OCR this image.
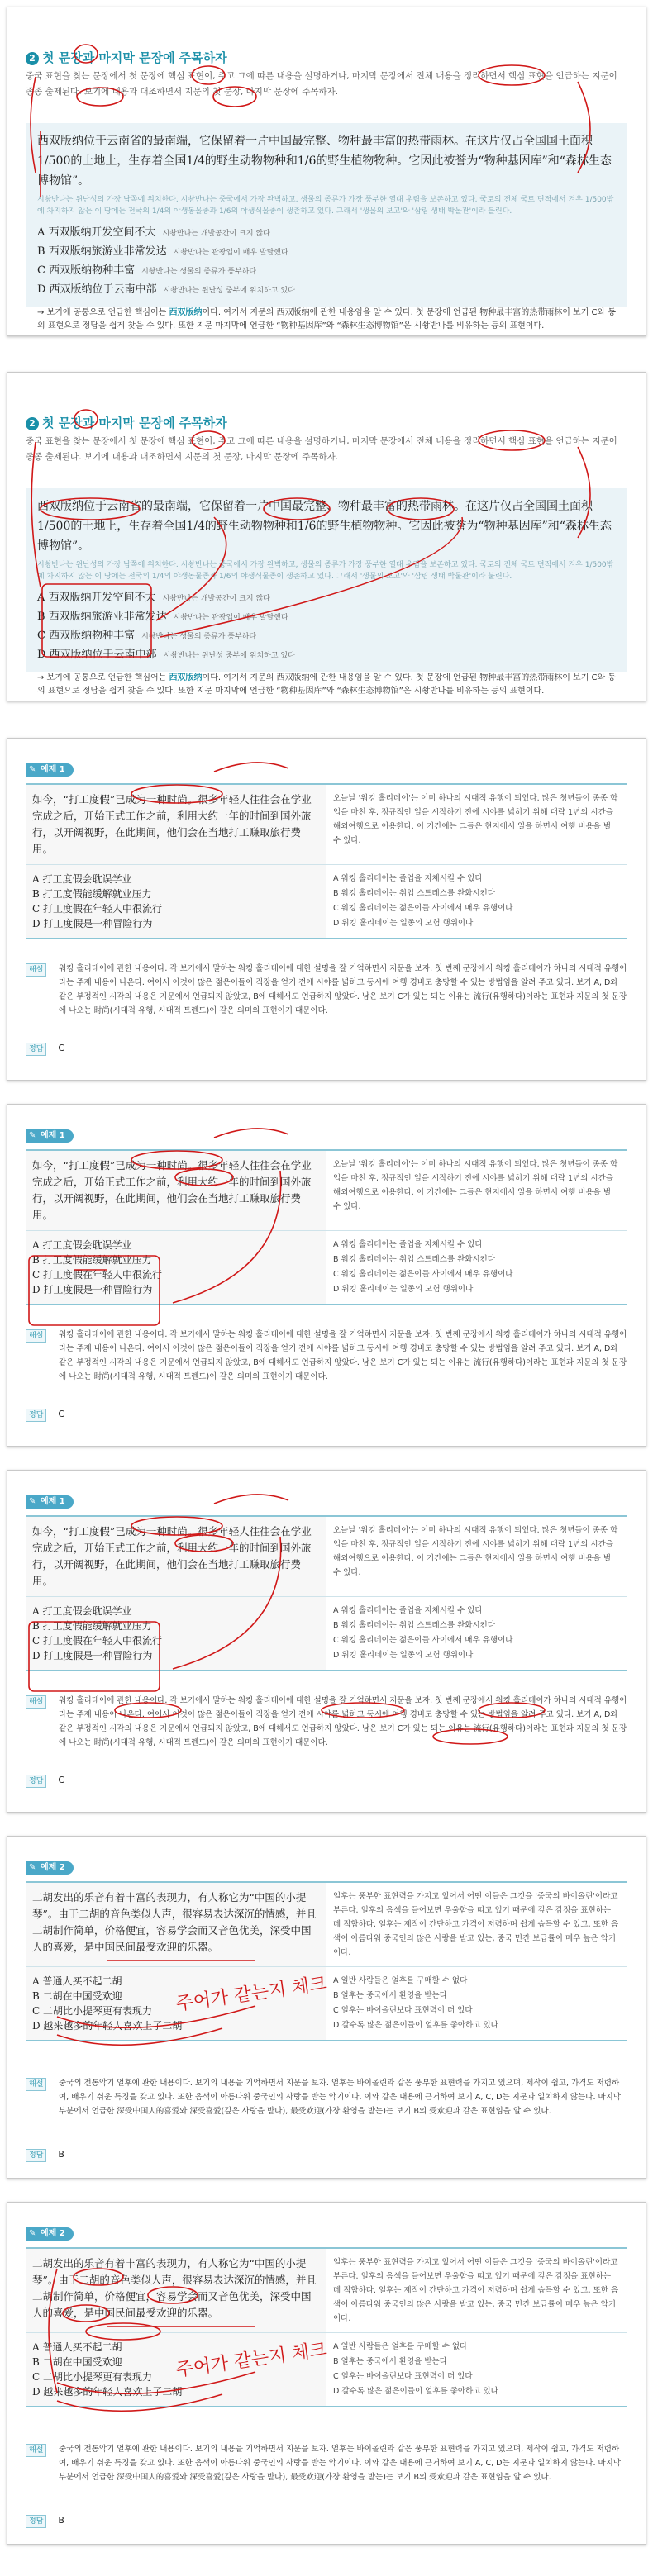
2 첫 문장과 마지막 문장에 주목하자
중국 표현을 찾는 문장에서 첫 문장에 핵심 표현이, 주고 그에 따른 내용을 설명하거나, 마지막 문장에서 전체 내용을 정리하면서 핵심 표현을 언급하는 지문이 종종 출제된다. 보기에 내용과 대조하면서 지문의 첫 문장, 마지막 문장에 주목하자.
西双版纳位于云南省的最南端，它保留着一片中国最完整、物种最丰富的热带雨林。在这片仅占全国国土面积1/500的土地上，生存着全国1/4的野生动物物种和1/6的野生植物物种。它因此被誉为“物种基因库”和“森林生态博物馆”。
시솽반나는 윈난성의 가장 남쪽에 위치한다. 시솽반나는 중국에서 가장 완벽하고, 생물의 종류가 가장 풍부한 열대 우림을 보존하고 있다. 국토의 전체 국토 면적에서 겨우 1/500밖에 차지하지 않는 이 땅에는 전국의 1/4의 야생동물종과 1/6의 야생식물종이 생존하고 있다. 그래서 '생물의 보고'와 '삼림 생태 박물관'이라 불린다.
A 西双版纳开发空间不大 시솽반나는 개발공간이 크지 않다
B 西双版纳旅游业非常发达 시솽반나는 관광업이 매우 발달했다
C 西双版纳物种丰富 시솽반나는 생물의 종류가 풍부하다
D 西双版纳位于云南中部 시솽반나는 윈난성 중부에 위치하고 있다
→ 보기에 공통으로 언급한 핵심어는 西双版纳이다. 여기서 지문의 西双版纳에 관한 내용임을 알 수 있다. 첫 문장에 언급된 物种最丰富的热带雨林이 보기 C와 동의 표현으로 정답을 쉽게 찾을 수 있다. 또한 지문 마지막에 언급한 “物种基因库”와 “森林生态博物馆”은 시솽반나를 비유하는 등의 표현이다.
2 첫 문장과 마지막 문장에 주목하자
중국 표현을 찾는 문장에서 첫 문장에 핵심 표현이, 주고 그에 따른 내용을 설명하거나, 마지막 문장에서 전체 내용을 정리하면서 핵심 표현을 언급하는 지문이 종종 출제된다. 보기에 내용과 대조하면서 지문의 첫 문장, 마지막 문장에 주목하자.
西双版纳位于云南省的最南端，它保留着一片中国最完整、物种最丰富的热带雨林。在这片仅占全国国土面积1/500的土地上，生存着全国1/4的野生动物物种和1/6的野生植物物种。它因此被誉为“物种基因库”和“森林生态博物馆”。
시솽반나는 윈난성의 가장 남쪽에 위치한다. 시솽반나는 중국에서 가장 완벽하고, 생물의 종류가 가장 풍부한 열대 우림을 보존하고 있다. 국토의 전체 국토 면적에서 겨우 1/500밖에 차지하지 않는 이 땅에는 전국의 1/4의 야생동물종과 1/6의 야생식물종이 생존하고 있다. 그래서 '생물의 보고'와 '삼림 생태 박물관'이라 불린다.
A 西双版纳开发空间不大 시솽반나는 개발공간이 크지 않다
B 西双版纳旅游业非常发达 시솽반나는 관광업이 매우 발달했다
C 西双版纳物种丰富 시솽반나는 생물의 종류가 풍부하다
D 西双版纳位于云南中部 시솽반나는 윈난성 중부에 위치하고 있다
→ 보기에 공통으로 언급한 핵심어는 西双版纳이다. 여기서 지문의 西双版纳에 관한 내용임을 알 수 있다. 첫 문장에 언급된 物种最丰富的热带雨林이 보기 C와 동의 표현으로 정답을 쉽게 찾을 수 있다. 또한 지문 마지막에 언급한 “物种基因库”와 “森林生态博物馆”은 시솽반나를 비유하는 등의 표현이다.
✎ 예제 1
如今，“打工度假”已成为一种时尚。很多年轻人往往会在学业完成之后，开始正式工作之前，利用大约一年的时间到国外旅行，以开阔视野，在此期间，他们会在当地打工赚取旅行费用。
오늘날 '워킹 홀리데이'는 이미 하나의 시대적 유행이 되었다. 많은 청년들이 종종 학업을 마친 후, 정규적인 일을 시작하기 전에 시야를 넓히기 위해 대략 1년의 시간을 해외여행으로 이용한다. 이 기간에는 그들은 현지에서 일을 하면서 여행 비용을 벌 수 있다.
A 打工度假会耽误学业
B 打工度假能缓解就业压力
C 打工度假在年轻人中很流行
D 打工度假是一种冒险行为
A 워킹 홀리데이는 즐업을 지체시킬 수 있다
B 워킹 홀리데이는 취업 스트레스를 완화시킨다
C 워킹 홀리데이는 젊은이들 사이에서 매우 유행이다
D 워킹 홀리데이는 일종의 모험 행위이다
해설	워킹 홀리데이에 관한 내용이다. 각 보기에서 말하는 워킹 홀리데이에 대한 설명을 잘 기억하면서 지문을 보자. 첫 번째 문장에서 워킹 홀리데이가 하나의 시대적 유행이라는 주제 내용이 나온다. 여어서 이것이 많은 젊은이들이 직장을 얻기 전에 시야를 넓히고 동시에 여행 경비도 충당할 수 있는 방법임을 알려 주고 있다. 보기 A, D와 같은 부정적인 시각의 내용은 지문에서 언급되지 않았고, B에 대해서도 언급하지 않았다. 남은 보기 C가 있는 되는 이유는 流行(유행하다)이라는 표현과 지문의 첫 문장에 나오는 时尚(시대적 유행, 시대적 트렌드)이 같은 의미의 표현이기 때문이다.
정답 C
✎ 예제 1
如今，“打工度假”已成为一种时尚。很多年轻人往往会在学业完成之后，开始正式工作之前，利用大约一年的时间到国外旅行，以开阔视野，在此期间，他们会在当地打工赚取旅行费用。
오늘날 '워킹 홀리데이'는 이미 하나의 시대적 유행이 되었다. 많은 청년들이 종종 학업을 마친 후, 정규적인 일을 시작하기 전에 시야를 넓히기 위해 대략 1년의 시간을 해외여행으로 이용한다. 이 기간에는 그들은 현지에서 일을 하면서 여행 비용을 벌 수 있다.
A 打工度假会耽误学业
B 打工度假能缓解就业压力
C 打工度假在年轻人中很流行
D 打工度假是一种冒险行为
A 워킹 홀리데이는 즐업을 지체시킬 수 있다
B 워킹 홀리데이는 취업 스트레스를 완화시킨다
C 워킹 홀리데이는 젊은이들 사이에서 매우 유행이다
D 워킹 홀리데이는 일종의 모험 행위이다
해설	워킹 홀리데이에 관한 내용이다. 각 보기에서 말하는 워킹 홀리데이에 대한 설명을 잘 기억하면서 지문을 보자. 첫 번째 문장에서 워킹 홀리데이가 하나의 시대적 유행이라는 주제 내용이 나온다. 여어서 이것이 많은 젊은이들이 직장을 얻기 전에 시야를 넓히고 동시에 여행 경비도 충당할 수 있는 방법임을 알려 주고 있다. 보기 A, D와 같은 부정적인 시각의 내용은 지문에서 언급되지 않았고, B에 대해서도 언급하지 않았다. 남은 보기 C가 있는 되는 이유는 流行(유행하다)이라는 표현과 지문의 첫 문장에 나오는 时尚(시대적 유행, 시대적 트렌드)이 같은 의미의 표현이기 때문이다.
정답 C
✎ 예제 1
如今，“打工度假”已成为一种时尚。很多年轻人往往会在学业完成之后，开始正式工作之前，利用大约一年的时间到国外旅行，以开阔视野，在此期间，他们会在当地打工赚取旅行费用。
오늘날 '워킹 홀리데이'는 이미 하나의 시대적 유행이 되었다. 많은 청년들이 종종 학업을 마친 후, 정규적인 일을 시작하기 전에 시야를 넓히기 위해 대략 1년의 시간을 해외여행으로 이용한다. 이 기간에는 그들은 현지에서 일을 하면서 여행 비용을 벌 수 있다.
A 打工度假会耽误学业
B 打工度假能缓解就业压力
C 打工度假在年轻人中很流行
D 打工度假是一种冒险行为
A 워킹 홀리데이는 즐업을 지체시킬 수 있다
B 워킹 홀리데이는 취업 스트레스를 완화시킨다
C 워킹 홀리데이는 젊은이들 사이에서 매우 유행이다
D 워킹 홀리데이는 일종의 모험 행위이다
해설	워킹 홀리데이에 관한 내용이다. 각 보기에서 말하는 워킹 홀리데이에 대한 설명을 잘 기억하면서 지문을 보자. 첫 번째 문장에서 워킹 홀리데이가 하나의 시대적 유행이라는 주제 내용이 나온다. 여어서 이것이 많은 젊은이들이 직장을 얻기 전에 시야를 넓히고 동시에 여행 경비도 충당할 수 있는 방법임을 알려 주고 있다. 보기 A, D와 같은 부정적인 시각의 내용은 지문에서 언급되지 않았고, B에 대해서도 언급하지 않았다. 남은 보기 C가 있는 되는 이유는 流行(유행하다)이라는 표현과 지문의 첫 문장에 나오는 时尚(시대적 유행, 시대적 트렌드)이 같은 의미의 표현이기 때문이다.
정답 C
✎ 예제 2
二胡发出的乐音有着丰富的表现力，有人称它为“中国的小提琴”。由于二胡的音色类似人声，很容易表达深沉的情感，并且二胡制作简单，价格便宜，容易学会而又音色优美，深受中国人的喜爱，是中国民间最受欢迎的乐器。
얼후는 풍부한 표현력을 가지고 있어서 어떤 이들은 그것을 '중국의 바이올린'이라고 부른다. 얼후의 음색을 들어보면 우울함을 띠고 있기 때문에 깊은 감정을 표현하는 데 적합하다. 얼후는 제작이 간단하고 가격이 저렴하며 쉽게 습득할 수 있고, 또한 음색이 아름다워 중국인의 많은 사랑을 받고 있는, 중국 민간 보급률이 매우 높은 악기이다.
A 普通人买不起二胡
B 二胡在中国受欢迎
C 二胡比小提琴更有表现力
D 越来越多的年轻人喜欢上了二胡
A 일반 사람들은 얼후를 구매할 수 없다
B 얼후는 중국에서 환영을 받는다
C 얼후는 바이올린보다 표현력이 더 있다
D 갈수록 많은 젊은이들이 얼후를 좋아하고 있다
해설	중국의 전통악기 얼후에 관한 내용이다. 보기의 내용을 기억하면서 지문을 보자. 얼후는 바이올린과 같은 풍부한 표현력을 가지고 있으며, 제작이 쉽고, 가격도 저렴하여, 배우기 쉬운 특징을 갖고 있다. 또한 음색이 아름다워 중국인의 사랑을 받는 악기이다. 이와 같은 내용에 근거하여 보기 A, C, D는 지문과 일치하지 않는다. 마지막 부분에서 언급한 深受中国人的喜爱와 深受喜爱(깊은 사랑을 받다), 最受欢迎(가장 환영을 받는)는 보기 B의 受欢迎과 같은 표현임을 알 수 있다.
정답 B
주어가 같는지 체크
✎ 예제 2
二胡发出的乐音有着丰富的表现力，有人称它为“中国的小提琴”。由于二胡的音色类似人声，很容易表达深沉的情感，并且二胡制作简单，价格便宜，容易学会而又音色优美，深受中国人的喜爱，是中国民间最受欢迎的乐器。
얼후는 풍부한 표현력을 가지고 있어서 어떤 이들은 그것을 '중국의 바이올린'이라고 부른다. 얼후의 음색을 들어보면 우울함을 띠고 있기 때문에 깊은 감정을 표현하는 데 적합하다. 얼후는 제작이 간단하고 가격이 저렴하며 쉽게 습득할 수 있고, 또한 음색이 아름다워 중국인의 많은 사랑을 받고 있는, 중국 민간 보급률이 매우 높은 악기이다.
A 普通人买不起二胡
B 二胡在中国受欢迎
C 二胡比小提琴更有表现力
D 越来越多的年轻人喜欢上了二胡
A 일반 사람들은 얼후를 구매할 수 없다
B 얼후는 중국에서 환영을 받는다
C 얼후는 바이올린보다 표현력이 더 있다
D 갈수록 많은 젊은이들이 얼후를 좋아하고 있다
해설	중국의 전통악기 얼후에 관한 내용이다. 보기의 내용을 기억하면서 지문을 보자. 얼후는 바이올린과 같은 풍부한 표현력을 가지고 있으며, 제작이 쉽고, 가격도 저렴하여, 배우기 쉬운 특징을 갖고 있다. 또한 음색이 아름다워 중국인의 사랑을 받는 악기이다. 이와 같은 내용에 근거하여 보기 A, C, D는 지문과 일치하지 않는다. 마지막 부분에서 언급한 深受中国人的喜爱와 深受喜爱(깊은 사랑을 받다), 最受欢迎(가장 환영을 받는)는 보기 B의 受欢迎과 같은 표현임을 알 수 있다.
정답 B
주어가 같는지 체크
